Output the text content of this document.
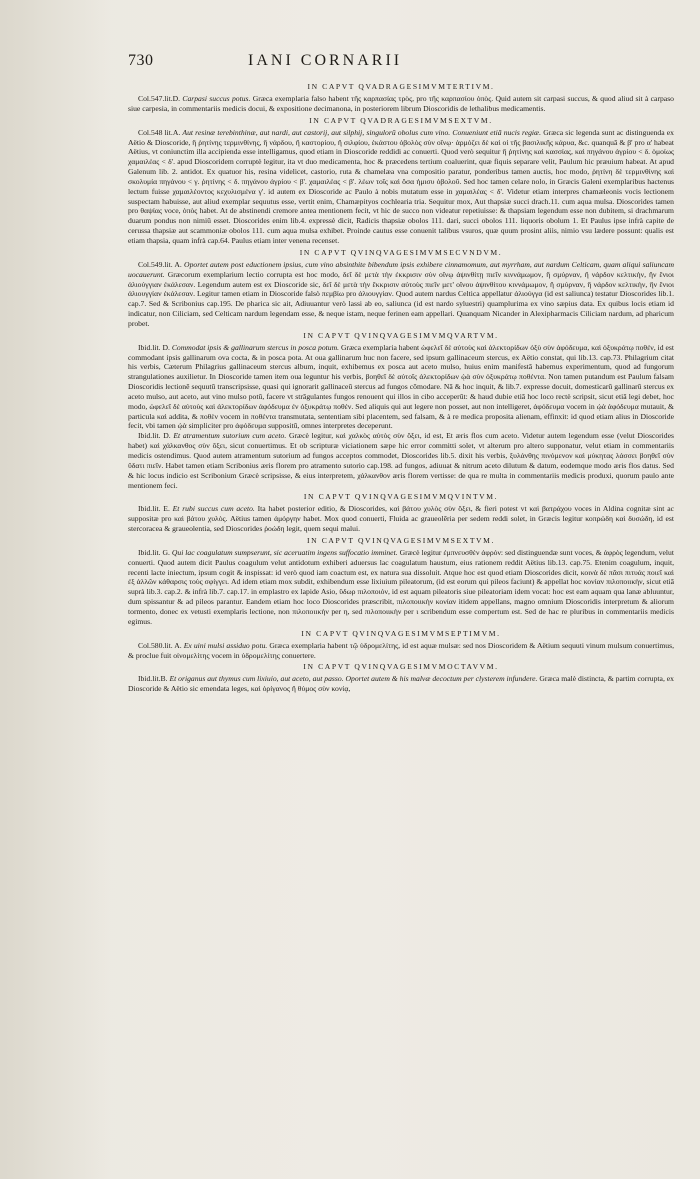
730	IANI CORNARII
IN CAPVT QVADRAGESIMVMTERTIVM.

Col.547.lit.D. Carpasi succus potus. Græca exemplaria falso habent τῆς καρπασίας τρὸς, pro τῆς καρπασίου ὀπὸς. Quid autem sit carpasi succus, & quod aliud sit à carpaso siue carpesia, in commentariis medicis docui, & expositione decimanona, in posteriorem librum Dioscoridis de lethalibus medicamentis.

IN CAPVT QVADRAGESIMVMSEXTVM.

Col.548 lit.A. Aut resinæ terebinthinæ, aut nardi, aut castorij, aut silphij, singulorū obolus cum vino. Conueniunt etiā nucis regiæ. Græca sic legenda sunt ac distinguenda ex Aëtio & Dioscoride, ἢ ῥητίνης τερμινθίνης, ἢ νάρδου, ἢ καστορίου, ἢ σιλφίου, ἑκάστου ὀβολὸς σὺν οἴνῳ· ἁρμόζει δὲ καὶ οἱ τῆς βασιλικῆς κάρυα, &c. quanquā & β' pro α' habeat Aëtius, vt coniunctim illa accipienda esse intelligamus, quod etiam in Dioscoride reddidi ac conuerti. Quod verò sequitur ἢ ῥητίνης καὶ κασσίας, καὶ πηγάνου ἀγρίου < δ. ὁμοίως χαμαιλέας < δ'. apud Dioscoridem corruptè legitur, ita vt duo medicamenta, hoc & præcedens tertium coaluerint, quæ fiquis separare velit, Paulum hic præuium habeat. At apud Galenum lib. 2. antidot. Ex quatuor his, resina videlicet, castorio, ruta & chamelæa vna compositio paratur, ponderibus tamen auctis, hoc modo, ῥητίνη δὲ τερμινθίνης καὶ σκολυμία πηγάνου < γ. ῥητίνης < δ. πηγάνου ἀγρίου < β'. χαμαιλέας < β'. λέων τοῖς καὶ ὅσα ἡμισυ ὀβολοῦ. Sed hoc tamen celare nolo, in Græcis Galeni exemplaribus hactenus lectum fuisse χαμαιλέοντος κεχυλισμένα γ'. id autem ex Dioscoride ac Paulo à nobis mutatum esse in χαμαιλέας < δ'. Videtur etiam interpres chamæleonis vocis lectionem suspectam habuisse, aut aliud exemplar sequutus esse, vertit enim, Chamæpityos cochlearia tria. Sequitur mox, Aut thapsiæ succi drach.11. cum aqua mulsa. Dioscorides tamen pro θαψίας voce, ὀπὸς habet. At de abstinendi cremore antea mentionem fecit, vt hic de succo non videatur repetiuisse: & thapsiam legendum esse non dubitem, si drachmarum duarum pondus non nimiū esset. Dioscorides enim lib.4. expressè dicit, Radicis thapsiæ obolos 111. dari, succi obolos 111. liquoris obolum 1. Et Paulus ipse infrà capite de cerussa thapsiæ aut scammoniæ obolos 111. cum aqua mulsa exhibet. Proinde cautus esse conuenit talibus vsuros, quæ quum prosint aliis, nimio vsu lædere possunt: qualis est etiam thapsia, quam infrà cap.64. Paulus etiam inter venena recenset.

IN CAPVT QVINQVAGESIMVMSECVNDVM.

Col.549.lit. A. Oportet autem post eductionem ipsius, cum vino absinthite bibendum ipsis exhibere cinnamomum, aut myrrham, aut nardum Celticam, quam aliqui saliuncam uocauerunt. Græcorum exemplarium lectio corrupta est hoc modo, δεῖ δὲ μετὰ τὴν ἐκκρισιν σὺν οἴνῳ ἀψινθίτῃ πιεῖν κιννάμωμον, ἢ σμύρναν, ἢ νάρδον κελτικὴν, ἣν ἔνιοι ἀλιούγγιαν ἐκάλεσαν. Legendum autem est ex Dioscoride sic, δεῖ δὲ μετὰ τὴν ἔκκρισιν αὐτοὺς πιεῖν μετ' οἴνου ἀψινθίτου κιννάμωμον, ἢ σμύρναν, ἢ νάρδον κελτικὴν, ἣν ἔνιοι ἀλιουγγίαν ἐκάλεσαν. Legitur tamen etiam in Dioscoride falsò πεμβίω pro ἀλιουγγίαν. Quod autem nardus Celtica appellatur ἀλιούγγα (id est saliunca) testatur Dioscorides lib.1. cap.7. Sed & Scribonius cap.195. De pharica sic ait, Adiuuantur verò lassi ab eo, saliunca (id est nardo syluestri) quamplurima ex vino sæpius data. Ex quibus locis etiam id indicatur, non Ciliciam, sed Celticam nardum legendam esse, & neque istam, neque ferinen eam appellari. Quanquam Nicander in Alexipharmacis Ciliciam nardum, ad pharicum probet.

IN CAPVT QVINQVAGESIMVMQVARTVM.

Ibid.lit. D. Commodat ipsis & gallinarum stercus in posca potum. Græca exemplaria habent ὠφελεῖ δὲ αὐτοὺς καὶ ἀλεκτορίδων ὀξὺ σὺν ἀφόδευμα, καὶ ὀξυκράτῳ ποθέν, id est commodant ipsis gallinarum ova cocta, & in posca pota. At oua gallinarum huc non facere, sed ipsum gallinaceum stercus, ex Aëtio constat, qui lib.13. cap.73. Philagrium citat his verbis, Cæterum Philagrius gallinaceum stercus album, inquit, exhibemus ex posca aut aceto mulso, huius enim manifestā habemus experimentum, quod ad fungorum strangulationes auxilietur. In Dioscoride tamen item oua leguntur his verbis, βοηθεῖ δὲ αὐτοῖς ἀλεκτορίδων ᾠὰ σὺν ὀξυκράτῳ ποθέντα. Non tamen putandum est Paulum falsam Dioscoridis lectionē sequutū transcripsisse, quasi qui ignorarit gallinaceū stercus ad fungos cōmodare. Nā & hoc inquit, & lib.7. expresse docuit, domesticarū gallinarū stercus ex aceto mulso, aut aceto, aut vino mulso potū, facere vt strāgulantes fungos renouent qui illos in cibo acceperūt: & haud dubie etiā hoc loco rectè scripsit, sicut etiā legi debet, hoc modo, ὠφελεῖ δὲ αὐτοὺς καὶ ἀλεκτορίδων ἀφόδευμα ἐν ὀξυκράτῳ ποθέν. Sed aliquis qui aut legere non posset, aut non intelligeret, ἀφόδευμα vocem in ᾠὰ ἀφόδευμα mutauit, & particula καὶ addita, & ποθὲν vocem in ποθέντα transmutata, sententiam sibi placentem, sed falsam, & à re medica proposita alienam, effinxit: id quod etiam alius in Dioscoride fecit, vbi tamen ᾠὰ simpliciter pro ἀφόδευμα suppositū, omnes interpretes deceperunt.

Ibid.lit. D. Et atramentum sutorium cum aceto. Græcè legitur, καὶ χαλκὸς αὐτὸς σὺν ὄξει, id est, Et æris flos cum aceto. Videtur autem legendum esse (velut Dioscorides habet) καὶ χάλκανθος σὺν ὄξει, sicut conuertimus. Et ob scripturæ viciationem sæpe hic error committi solet, vt alterum pro altero supponatur, velut etiam in commentariis medicis ostendimus. Quod autem atramentum sutorium ad fungos acceptos commodet, Dioscorides lib.5. dixit his verbis, ξυλάνθης πινόμενον καὶ μύκητας λάσσει βοηθεῖ σὺν ὕδατι πιεῖν. Habet tamen etiam Scribonius æris florem pro atramento sutorio cap.198. ad fungos, adiuuat & nitrum aceto dilutum & datum, eodemque modo æris flos datus. Sed & hic locus indicio est Scribonium Græcè scripsisse, & eius interpretem, χάλκανθον æris florem vertisse: de qua re multa in commentariis medicis produxi, quorum paulo ante mentionem feci.

IN CAPVT QVINQVAGESIMVMQVINTVM.

Ibid.lit. E. Et rubi succus cum aceto. Ita habet posterior editio, & Dioscorides, καὶ βάτου χυλὸς σὺν ὄξει, & fieri potest vt καὶ βατράχου voces in Aldina cognitæ sint ac suppositæ pro καὶ βάτου χυλὸς. Aëtius tamen ἀμόργην habet. Mox quod conuerti, Fluida ac graueolēria per sedem reddi solet, in Græcis legitur κοπρώδη καὶ δυσώδη, id est stercoracea & graueolentia, sed Dioscorides ῥοώδη legit, quem sequi malui.

IN CAPVT QVINQVAGESIMVMSEXTVM.

Ibid.lit. G. Qui lac coagulatum sumpserunt, sic aceruatim ingens suffocatio imminet. Græcè legitur ἐμπνευσθὲν ἀφρόν: sed distinguendæ sunt voces, & ἀφρὸς legendum, velut conuerti. Quod autem dicit Paulus coagulum velut antidotum exhiberi aduersus lac coagulatum haustum, eius rationem reddit Aëtius lib.13. cap.75. Etenim coagulum, inquit, recenti lacte iniectum, ipsum cogit & inspissat: id verò quod iam coactum est, ex natura sua dissoluit. Atque hoc est quod etiam Dioscorides dicit, κοινὰ δὲ πᾶσι πιτυάς ποιεῖ καὶ ἐξ ἀλλῶν κάθαρσις τοὺς σφίγγει. Ad idem etiam mox subdit, exhibendum esse lixiuium pileatorum, (id est eorum qui pileos faciunt) & appellat hoc κονίαν πιλοποιικὴν, sicut etiā suprà lib.3. cap.2. & infrà lib.7. cap.17. in emplastro ex lapide Asio, ὕδωρ πιλοποιόν, id est aquam pileatoris siue pileatoriam idem vocat: hoc est eam aquam qua lanæ abluuntur, dum spissantur & ad pileos parantur. Eandem etiam hoc loco Dioscorides præscribit, πιλοποιικὴν κονίαν itidem appellans, magno omnium Dioscoridis interpretum & aliorum tormento, donec ex vetusti exemplaris lectione, non πιλοποιικὴν per η, sed πιλοποιικὴν per ι scribendum esse compertum est. Sed de hac re pluribus in commentariis medicis egimus.

IN CAPVT QVINQVAGESIMVMSEPTIMVM.

Col.580.lit. A. Ex uini mulsi assiduo potu. Græca exemplaria habent τῷ ὑδρομελίτης, id est aquæ mulsæ: sed nos Dioscoridem & Aëtium sequuti vinum mulsum conuertimus, & proclue fuit οἰνομελίτης vocem in ὑδρομελίτης conuertere.

IN CAPVT QVINQVAGESIMVMOCTAVVM.

Ibid.lit.B. Et origanus aut thymus cum lixiuio, aut aceto, aut passo. Oportet autem & his malvæ decoctum per clysterem infundere. Græca malè distincta, & partim corrupta, ex Dioscoride & Aëtio sic emendata leges, καὶ ὀρίγανος ἢ θύμος σὺν κονίᾳ,
